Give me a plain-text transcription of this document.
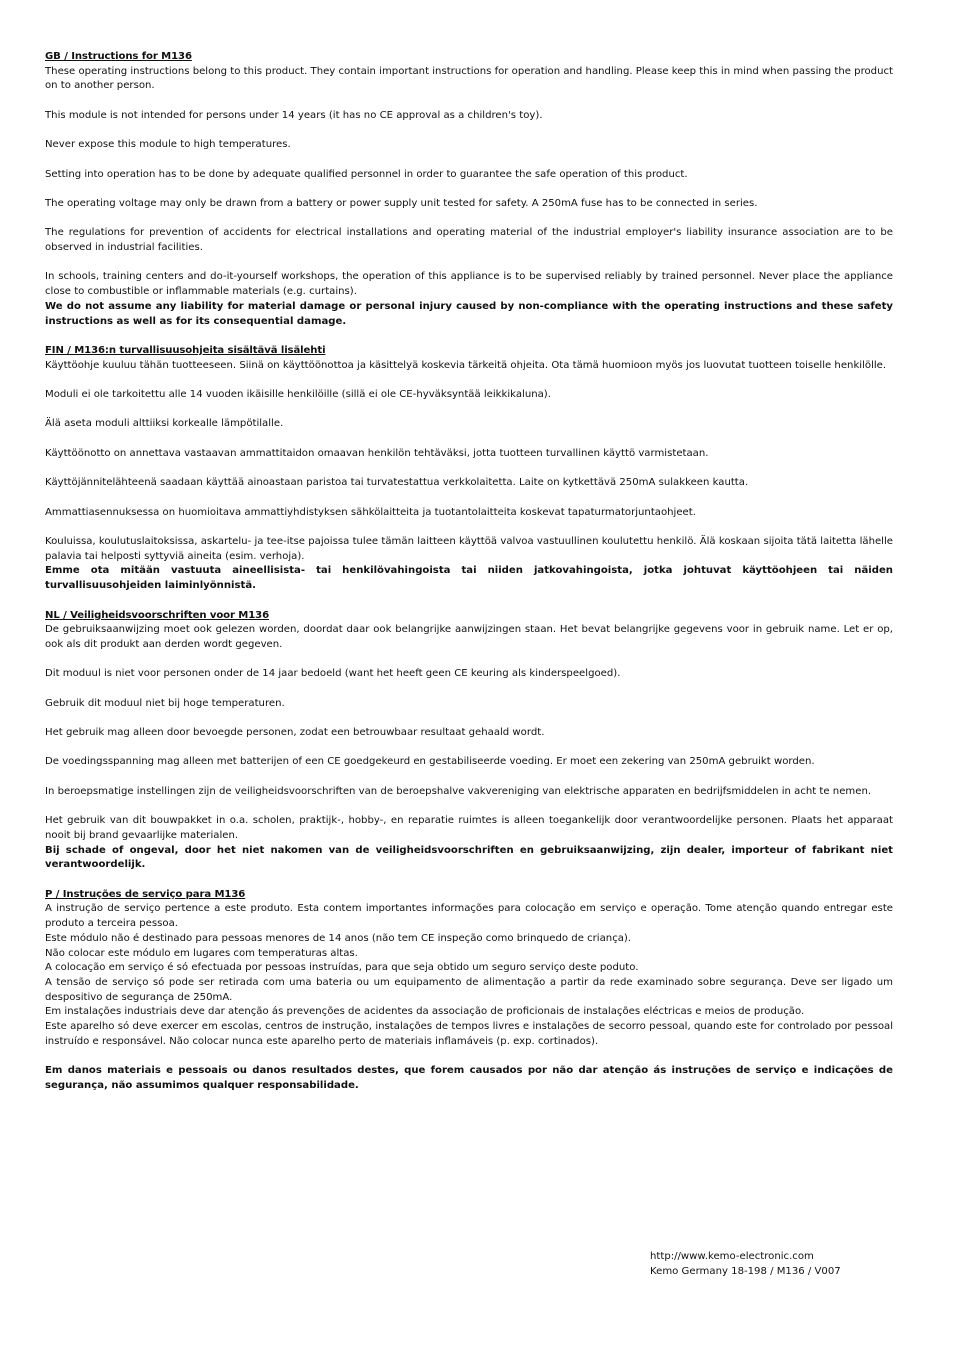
GB / Instructions for M136

These operating instructions belong to this product. They contain important instructions for operation and handling. Please keep this in mind when passing the product on to another person.

This module is not intended for persons under 14 years (it has no CE approval as a children's toy).

Never expose this module to high temperatures.

Setting into operation has to be done by adequate qualified personnel in order to guarantee the safe operation of this product.

The operating voltage may only be drawn from a battery or power supply unit tested for safety. A 250mA fuse has to be connected in series.

The regulations for prevention of accidents for electrical installations and operating material of the industrial employer's liability insurance association are to be observed in industrial facilities.

In schools, training centers and do-it-yourself workshops, the operation of this appliance is to be supervised reliably by trained personnel. Never place the appliance close to combustible or inflammable materials (e.g. curtains).

We do not assume any liability for material damage or personal injury caused by non-compliance with the operating instructions and these safety instructions as well as for its consequential damage.

FIN / M136:n turvallisuusohjeita sisältävä lisälehti

Käyttöohje kuuluu tähän tuotteeseen. Siinä on käyttöönottoa ja käsittelyä koskevia tärkeitä ohjeita. Ota tämä huomioon myös jos luovutat tuotteen toiselle henkilölle.

Moduli ei ole tarkoitettu alle 14 vuoden ikäisille henkilöille (sillä ei ole CE-hyväksyntää leikkikaluna).

Älä aseta moduli alttiiksi korkealle lämpötilalle.

Käyttöönotto on annettava vastaavan ammattitaidon omaavan henkilön tehtäväksi, jotta tuotteen turvallinen käyttö varmistetaan.

Käyttöjännitelähteenä saadaan käyttää ainoastaan paristoa tai turvatestattua verkkolaitetta. Laite on kytkettävä 250mA sulakkeen kautta.

Ammattiasennuksessa on huomioitava ammattiyhdistyksen sähkölaitteita ja tuotantolaitteita koskevat tapaturmatorjuntaohjeet.

Kouluissa, koulutuslaitoksissa, askartelu- ja tee-itse pajoissa tulee tämän laitteen käyttöä valvoa vastuullinen koulutettu henkilö. Älä koskaan sijoita tätä laitetta lähelle palavia tai helposti syttyviä aineita (esim. verhoja).

Emme ota mitään vastuuta aineellisista- tai henkilövahingoista tai niiden jatkovahingoista, jotka johtuvat käyttöohjeen tai näiden turvallisuusohjeiden laiminlyönnistä.

NL / Veiligheidsvoorschriften voor M136

De gebruiksaanwijzing moet ook gelezen worden, doordat daar ook belangrijke aanwijzingen staan. Het bevat belangrijke gegevens voor in gebruik name. Let er op, ook als dit produkt aan derden wordt gegeven.

Dit moduul is niet voor personen onder de 14 jaar bedoeld (want het heeft geen CE keuring als kinderspeelgoed).

Gebruik dit moduul niet bij hoge temperaturen.

Het gebruik mag alleen door bevoegde personen, zodat een betrouwbaar resultaat gehaald wordt.

De voedingsspanning mag alleen met batterijen of een CE goedgekeurd en gestabiliseerde voeding. Er moet een zekering van 250mA gebruikt worden.

In beroepsmatige instellingen zijn de veiligheidsvoorschriften van de beroepshalve vakvereniging van elektrische apparaten en bedrijfsmiddelen in acht te nemen.

Het gebruik van dit bouwpakket in o.a. scholen, praktijk-, hobby-, en reparatie ruimtes is alleen toegankelijk door verantwoordelijke personen. Plaats het apparaat nooit bij brand gevaarlijke materialen.

Bij schade of ongeval, door het niet nakomen van de veiligheidsvoorschriften en gebruiksaanwijzing, zijn dealer, importeur of fabrikant niet verantwoordelijk.

P / Instruções de serviço para M136

A instrução de serviço pertence a este produto. Esta contem importantes informações para colocação em serviço e operação. Tome atenção quando entregar este produto a terceira pessoa.

Este módulo não é destinado para pessoas menores de 14 anos (não tem CE inspeção como brinquedo de criança).

Não colocar este módulo em lugares com temperaturas altas.

A colocação em serviço é só efectuada por pessoas instruídas, para que seja obtido um seguro serviço deste poduto.

A tensão de serviço só pode ser retirada com uma bateria ou um equipamento de alimentação a partir da rede examinado sobre segurança. Deve ser ligado um despositivo de segurança de 250mA.

Em instalações industriais deve dar atenção ás prevenções de acidentes da associação de proficionais de instalações eléctricas e meios de produção.

Este aparelho só deve exercer em escolas, centros de instrução, instalações de tempos livres e instalações de secorro pessoal, quando este for controlado por pessoal instruído e responsável. Não colocar nunca este aparelho perto de materiais inflamáveis (p. exp. cortinados).

Em danos materiais e pessoais ou danos resultados destes, que forem causados por não dar atenção ás instruções de serviço e indicações de segurança, não assumimos qualquer responsabilidade.

http://www.kemo-electronic.com
Kemo Germany 18-198 / M136 / V007
